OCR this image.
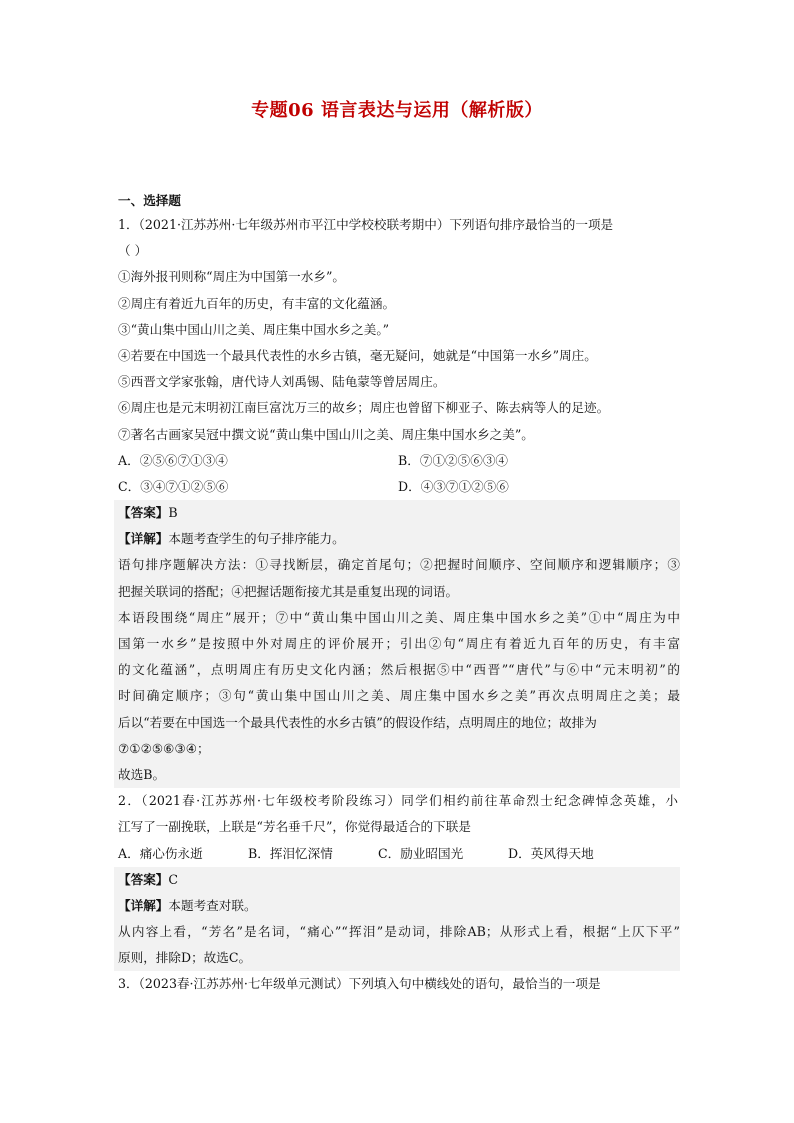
专题06 语言表达与运用（解析版）
一、选择题
1．（2021·江苏苏州·七年级苏州市平江中学校校联考期中）下列语句排序最恰当的一项是
（ ）
①海外报刊则称“周庄为中国第一水乡”。
②周庄有着近九百年的历史，有丰富的文化蕴涵。
③“黄山集中国山川之美、周庄集中国水乡之美。”
④若要在中国选一个最具代表性的水乡古镇，毫无疑问，她就是“中国第一水乡”周庄。
⑤西晋文学家张翰，唐代诗人刘禹锡、陆龟蒙等曾居周庄。
⑥周庄也是元末明初江南巨富沈万三的故乡；周庄也曾留下柳亚子、陈去病等人的足迹。
⑦著名古画家吴冠中撰文说“黄山集中国山川之美、周庄集中国水乡之美”。
A．②⑤⑥⑦①③④	B．⑦①②⑤⑥③④
C．③④⑦①②⑤⑥	D．④③⑦①②⑤⑥
【答案】B
【详解】本题考查学生的句子排序能力。
语句排序题解决方法：①寻找断层，确定首尾句；②把握时间顺序、空间顺序和逻辑顺序；③
把握关联词的搭配；④把握话题衔接尤其是重复出现的词语。
本语段围绕“周庄”展开；⑦中“黄山集中国山川之美、周庄集中国水乡之美”①中“周庄为中
国第一水乡”是按照中外对周庄的评价展开；引出②句“周庄有着近九百年的历史，有丰富
的文化蕴涵”，点明周庄有历史文化内涵；然后根据⑤中“西晋”“唐代”与⑥中“元末明初”的
时间确定顺序；③句“黄山集中国山川之美、周庄集中国水乡之美”再次点明周庄之美；最
后以“若要在中国选一个最具代表性的水乡古镇”的假设作结，点明周庄的地位；故排为
⑦①②⑤⑥③④；
故选B。
2．（2021春·江苏苏州·七年级校考阶段练习）同学们相约前往革命烈士纪念碑悼念英雄，小
江写了一副挽联，上联是“芳名垂千尺”，你觉得最适合的下联是
A．痛心伤永逝	B．挥泪忆深情	C．励业昭国光	D．英风得天地
【答案】C
【详解】本题考查对联。
从内容上看，“芳名”是名词，“痛心”“挥泪”是动词，排除AB；从形式上看，根据“上仄下平”
原则，排除D；故选C。
3．（2023春·江苏苏州·七年级单元测试）下列填入句中横线处的语句，最恰当的一项是
